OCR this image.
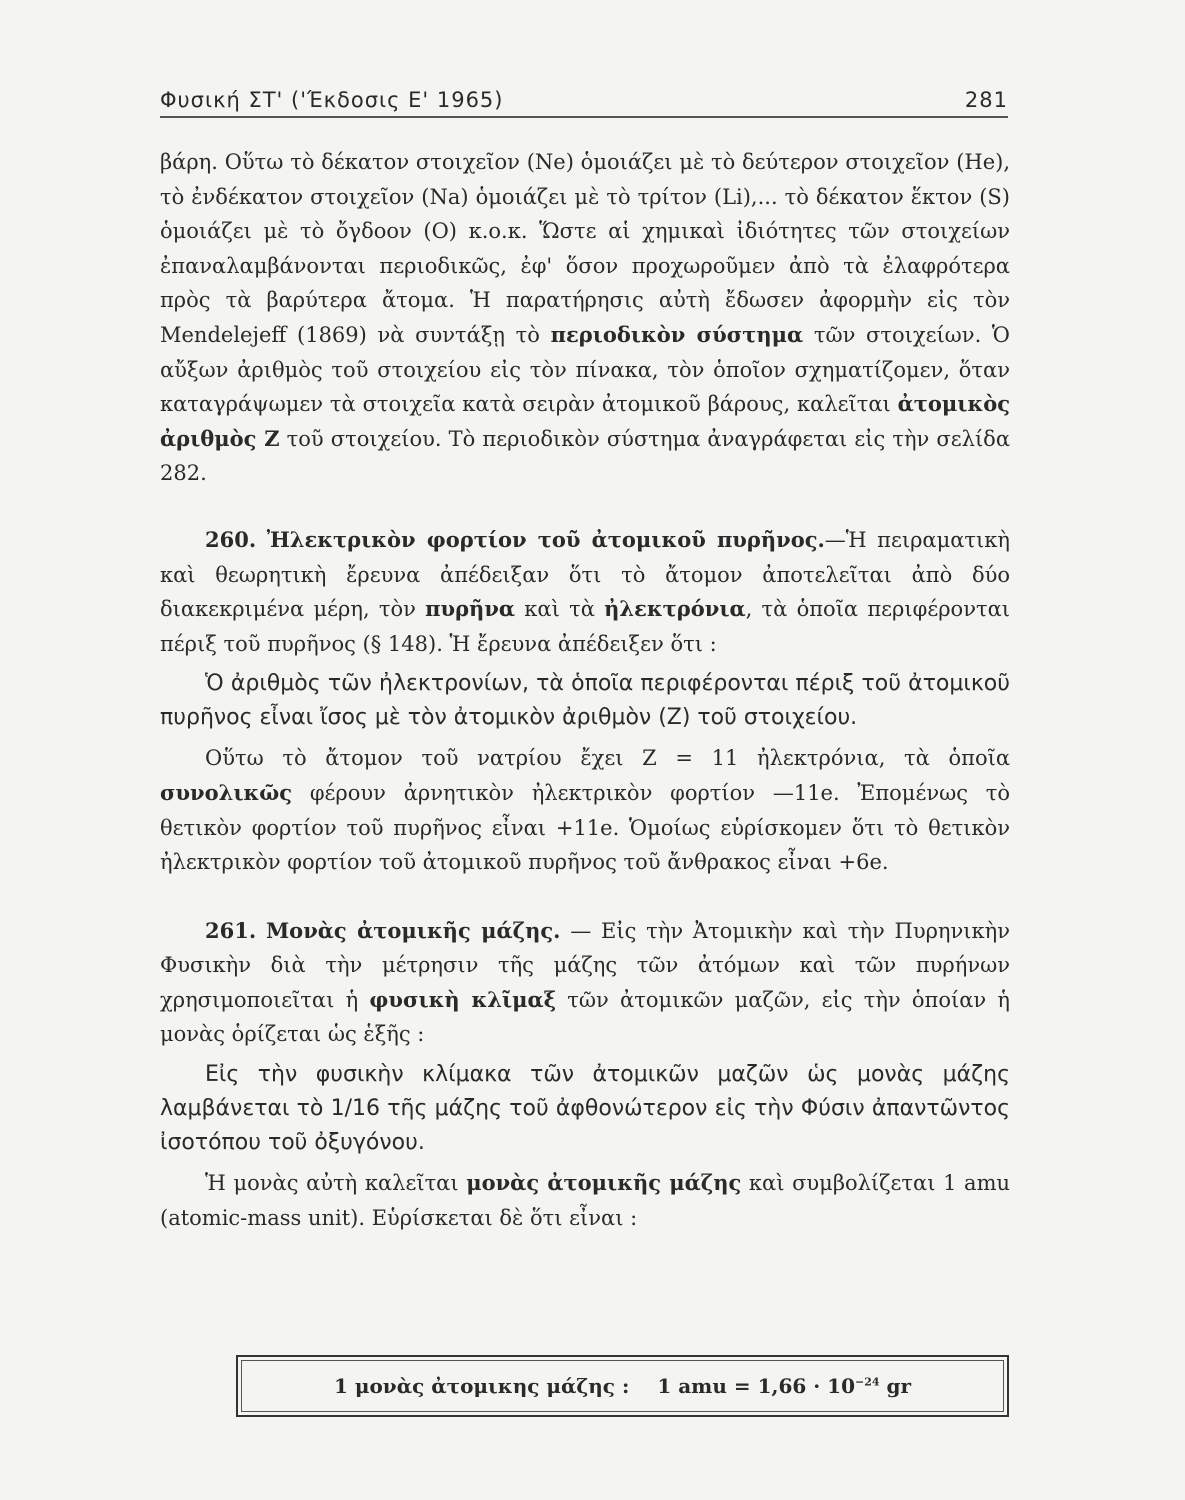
Φυσική ΣΤ' ('Έκδοσις Ε' 1965)	281

βάρη. Οὕτω τὸ δέκατον στοιχεῖον (Ne) ὁμοιάζει μὲ τὸ δεύτερον στοιχεῖον (He), τὸ ἐνδέκατον στοιχεῖον (Na) ὁμοιάζει μὲ τὸ τρίτον (Li),... τὸ δέκατον ἕκτον (S) ὁμοιάζει μὲ τὸ ὄγδοον (O) κ.ο.κ. Ὥστε αἱ χημικαὶ ἰδιότητες τῶν στοιχείων ἐπαναλαμβάνονται περιοδικῶς, ἐφ' ὅσον προχωροῦμεν ἀπὸ τὰ ἐλαφρότερα πρὸς τὰ βαρύτερα ἄτομα. Ἡ παρατήρησις αὐτὴ ἔδωσεν ἀφορμὴν εἰς τὸν Mendelejeff (1869) νὰ συντάξῃ τὸ περιοδικὸν σύστημα τῶν στοιχείων. Ὁ αὔξων ἀριθμὸς τοῦ στοιχείου εἰς τὸν πίνακα, τὸν ὁποῖον σχηματίζομεν, ὅταν καταγράψωμεν τὰ στοιχεῖα κατὰ σειρὰν ἀτομικοῦ βάρους, καλεῖται ἀτομικὸς ἀριθμὸς Z τοῦ στοιχείου. Τὸ περιοδικὸν σύστημα ἀναγράφεται εἰς τὴν σελίδα 282.

260. Ἠλεκτρικὸν φορτίον τοῦ ἀτομικοῦ πυρῆνος.—Ἡ πειραματικὴ καὶ θεωρητικὴ ἔρευνα ἀπέδειξαν ὅτι τὸ ἄτομον ἀποτελεῖται ἀπὸ δύο διακεκριμένα μέρη, τὸν πυρῆνα καὶ τὰ ἠλεκτρόνια, τὰ ὁποῖα περιφέρονται πέριξ τοῦ πυρῆνος (§ 148). Ἡ ἔρευνα ἀπέδειξεν ὅτι :

Ὁ ἀριθμὸς τῶν ἠλεκτρονίων, τὰ ὁποῖα περιφέρονται πέριξ τοῦ ἀτομικοῦ πυρῆνος εἶναι ἴσος μὲ τὸν ἀτομικὸν ἀριθμὸν (Z) τοῦ στοιχείου.

Οὕτω τὸ ἄτομον τοῦ νατρίου ἔχει Z = 11 ἠλεκτρόνια, τὰ ὁποῖα συνολικῶς φέρουν ἀρνητικὸν ἠλεκτρικὸν φορτίον —11e. Ἐπομένως τὸ θετικὸν φορτίον τοῦ πυρῆνος εἶναι +11e. Ὁμοίως εὑρίσκομεν ὅτι τὸ θετικὸν ἠλεκτρικὸν φορτίον τοῦ ἀτομικοῦ πυρῆνος τοῦ ἄνθρακος εἶναι +6e.

261. Μονὰς ἀτομικῆς μάζης. — Εἰς τὴν Ἀτομικὴν καὶ τὴν Πυρηνικὴν Φυσικὴν διὰ τὴν μέτρησιν τῆς μάζης τῶν ἀτόμων καὶ τῶν πυρήνων χρησιμοποιεῖται ἡ φυσικὴ κλῖμαξ τῶν ἀτομικῶν μαζῶν, εἰς τὴν ὁποίαν ἡ μονὰς ὁρίζεται ὡς ἑξῆς :

Εἰς τὴν φυσικὴν κλίμακα τῶν ἀτομικῶν μαζῶν ὡς μονὰς μάζης λαμβάνεται τὸ 1/16 τῆς μάζης τοῦ ἀφθονώτερον εἰς τὴν Φύσιν ἀπαντῶντος ἰσοτόπου τοῦ ὀξυγόνου.

Ἡ μονὰς αὐτὴ καλεῖται μονὰς ἀτομικῆς μάζης καὶ συμβολίζεται 1 amu (atomic-mass unit). Εὑρίσκεται δὲ ὅτι εἶναι :

1 μονὰς ἀτομικης μάζης : 1 amu = $1,66 \cdot 10^{-24}$ gr
